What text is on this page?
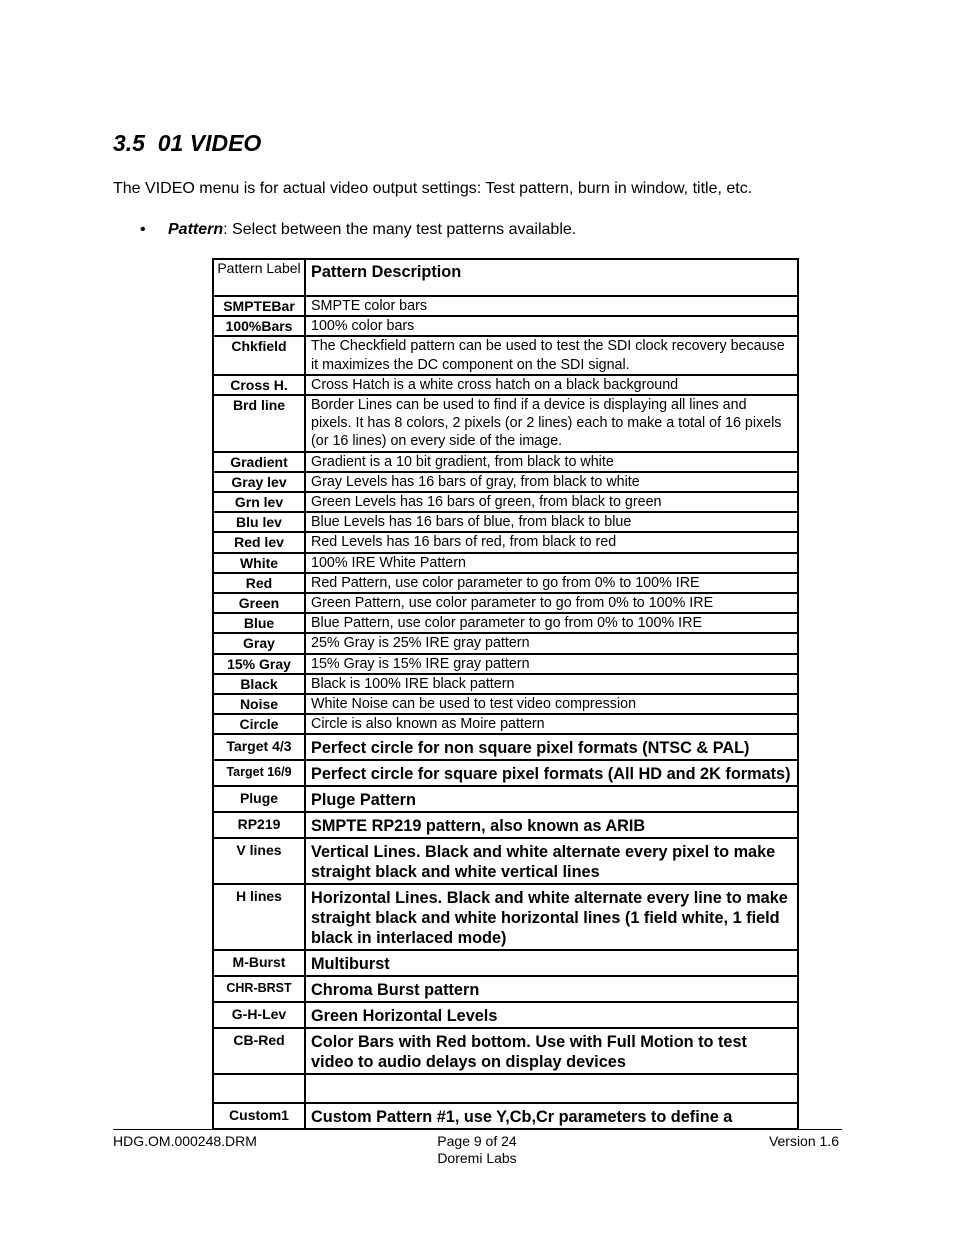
3.5 01 VIDEO

The VIDEO menu is for actual video output settings: Test pattern, burn in window, title, etc.

• Pattern: Select between the many test patterns available.
Pattern Label	Pattern Description
SMPTEBar	SMPTE color bars
100%Bars	100% color bars
Chkfield	The Checkfield pattern can be used to test the SDI clock recovery because it maximizes the DC component on the SDI signal.
Cross H.	Cross Hatch is a white cross hatch on a black background
Brd line	Border Lines can be used to find if a device is displaying all lines and pixels. It has 8 colors, 2 pixels (or 2 lines) each to make a total of 16 pixels (or 16 lines) on every side of the image.
Gradient	Gradient is a 10 bit gradient, from black to white
Gray lev	Gray Levels has 16 bars of gray, from black to white
Grn lev	Green Levels has 16 bars of green, from black to green
Blu lev	Blue Levels has 16 bars of blue, from black to blue
Red lev	Red Levels has 16 bars of red, from black to red
White	100% IRE White Pattern
Red	Red Pattern, use color parameter to go from 0% to 100% IRE
Green	Green Pattern, use color parameter to go from 0% to 100% IRE
Blue	Blue Pattern, use color parameter to go from 0% to 100% IRE
Gray	25% Gray is 25% IRE gray pattern
15% Gray	15% Gray is 15% IRE gray pattern
Black	Black is 100% IRE black pattern
Noise	White Noise can be used to test video compression
Circle	Circle is also known as Moire pattern
Target 4/3	Perfect circle for non square pixel formats (NTSC & PAL)
Target 16/9	Perfect circle for square pixel formats (All HD and 2K formats)
Pluge	Pluge Pattern
RP219	SMPTE RP219 pattern, also known as ARIB
V lines	Vertical Lines. Black and white alternate every pixel to make straight black and white vertical lines
H lines	Horizontal Lines. Black and white alternate every line to make straight black and white horizontal lines (1 field white, 1 field black in interlaced mode)
M-Burst	Multiburst
CHR-BRST	Chroma Burst pattern
G-H-Lev	Green Horizontal Levels
CB-Red	Color Bars with Red bottom. Use with Full Motion to test video to audio delays on display devices

Custom1	Custom Pattern #1, use Y,Cb,Cr parameters to define a
HDG.OM.000248.DRM	Page 9 of 24
Doremi Labs
Version 1.6
